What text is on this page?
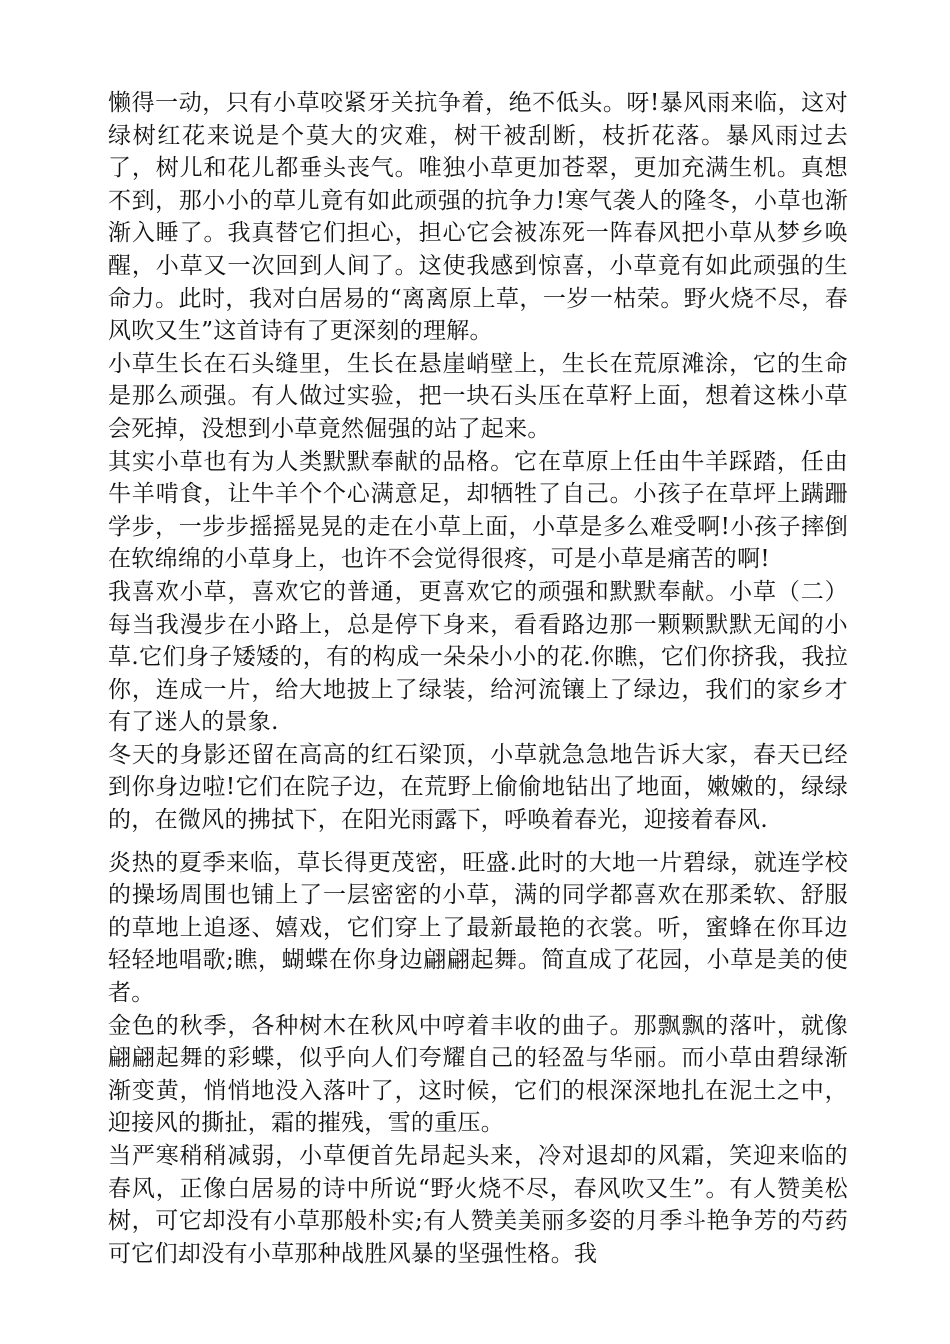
懒得一动，只有小草咬紧牙关抗争着，绝不低头。呀!暴风雨来临，这对绿树红花来说是个莫大的灾难，树干被刮断，枝折花落。暴风雨过去了，树儿和花儿都垂头丧气。唯独小草更加苍翠，更加充满生机。真想不到，那小小的草儿竟有如此顽强的抗争力!寒气袭人的隆冬，小草也渐渐入睡了。我真替它们担心，担心它会被冻死一阵春风把小草从梦乡唤醒，小草又一次回到人间了。这使我感到惊喜，小草竟有如此顽强的生命力。此时，我对白居易的“离离原上草，一岁一枯荣。野火烧不尽，春风吹又生”这首诗有了更深刻的理解。

小草生长在石头缝里，生长在悬崖峭壁上，生长在荒原滩涂，它的生命是那么顽强。有人做过实验，把一块石头压在草籽上面，想着这株小草会死掉，没想到小草竟然倔强的站了起来。

其实小草也有为人类默默奉献的品格。它在草原上任由牛羊踩踏，任由牛羊啃食，让牛羊个个心满意足，却牺牲了自己。小孩子在草坪上蹒跚学步，一步步摇摇晃晃的走在小草上面，小草是多么难受啊!小孩子摔倒在软绵绵的小草身上，也许不会觉得很疼，可是小草是痛苦的啊!

我喜欢小草，喜欢它的普通，更喜欢它的顽强和默默奉献。小草（二）每当我漫步在小路上，总是停下身来，看看路边那一颗颗默默无闻的小草.它们身子矮矮的，有的构成一朵朵小小的花.你瞧，它们你挤我，我拉你，连成一片，给大地披上了绿装，给河流镶上了绿边，我们的家乡才有了迷人的景象.

冬天的身影还留在高高的红石梁顶，小草就急急地告诉大家，春天已经到你身边啦!它们在院子边，在荒野上偷偷地钻出了地面，嫩嫩的，绿绿的，在微风的拂拭下，在阳光雨露下，呼唤着春光，迎接着春风.

炎热的夏季来临，草长得更茂密，旺盛.此时的大地一片碧绿，就连学校的操场周围也铺上了一层密密的小草，满的同学都喜欢在那柔软、舒服的草地上追逐、嬉戏，它们穿上了最新最艳的衣裳。听，蜜蜂在你耳边轻轻地唱歌;瞧，蝴蝶在你身边翩翩起舞。简直成了花园，小草是美的使者。

金色的秋季，各种树木在秋风中哼着丰收的曲子。那飘飘的落叶，就像翩翩起舞的彩蝶，似乎向人们夸耀自己的轻盈与华丽。而小草由碧绿渐渐变黄，悄悄地没入落叶了，这时候，它们的根深深地扎在泥土之中，迎接风的撕扯，霜的摧残，雪的重压。

当严寒稍稍减弱，小草便首先昂起头来，冷对退却的风霜，笑迎来临的春风，正像白居易的诗中所说“野火烧不尽，春风吹又生”。有人赞美松树，可它却没有小草那般朴实;有人赞美美丽多姿的月季斗艳争芳的芍药可它们却没有小草那种战胜风暴的坚强性格。我
